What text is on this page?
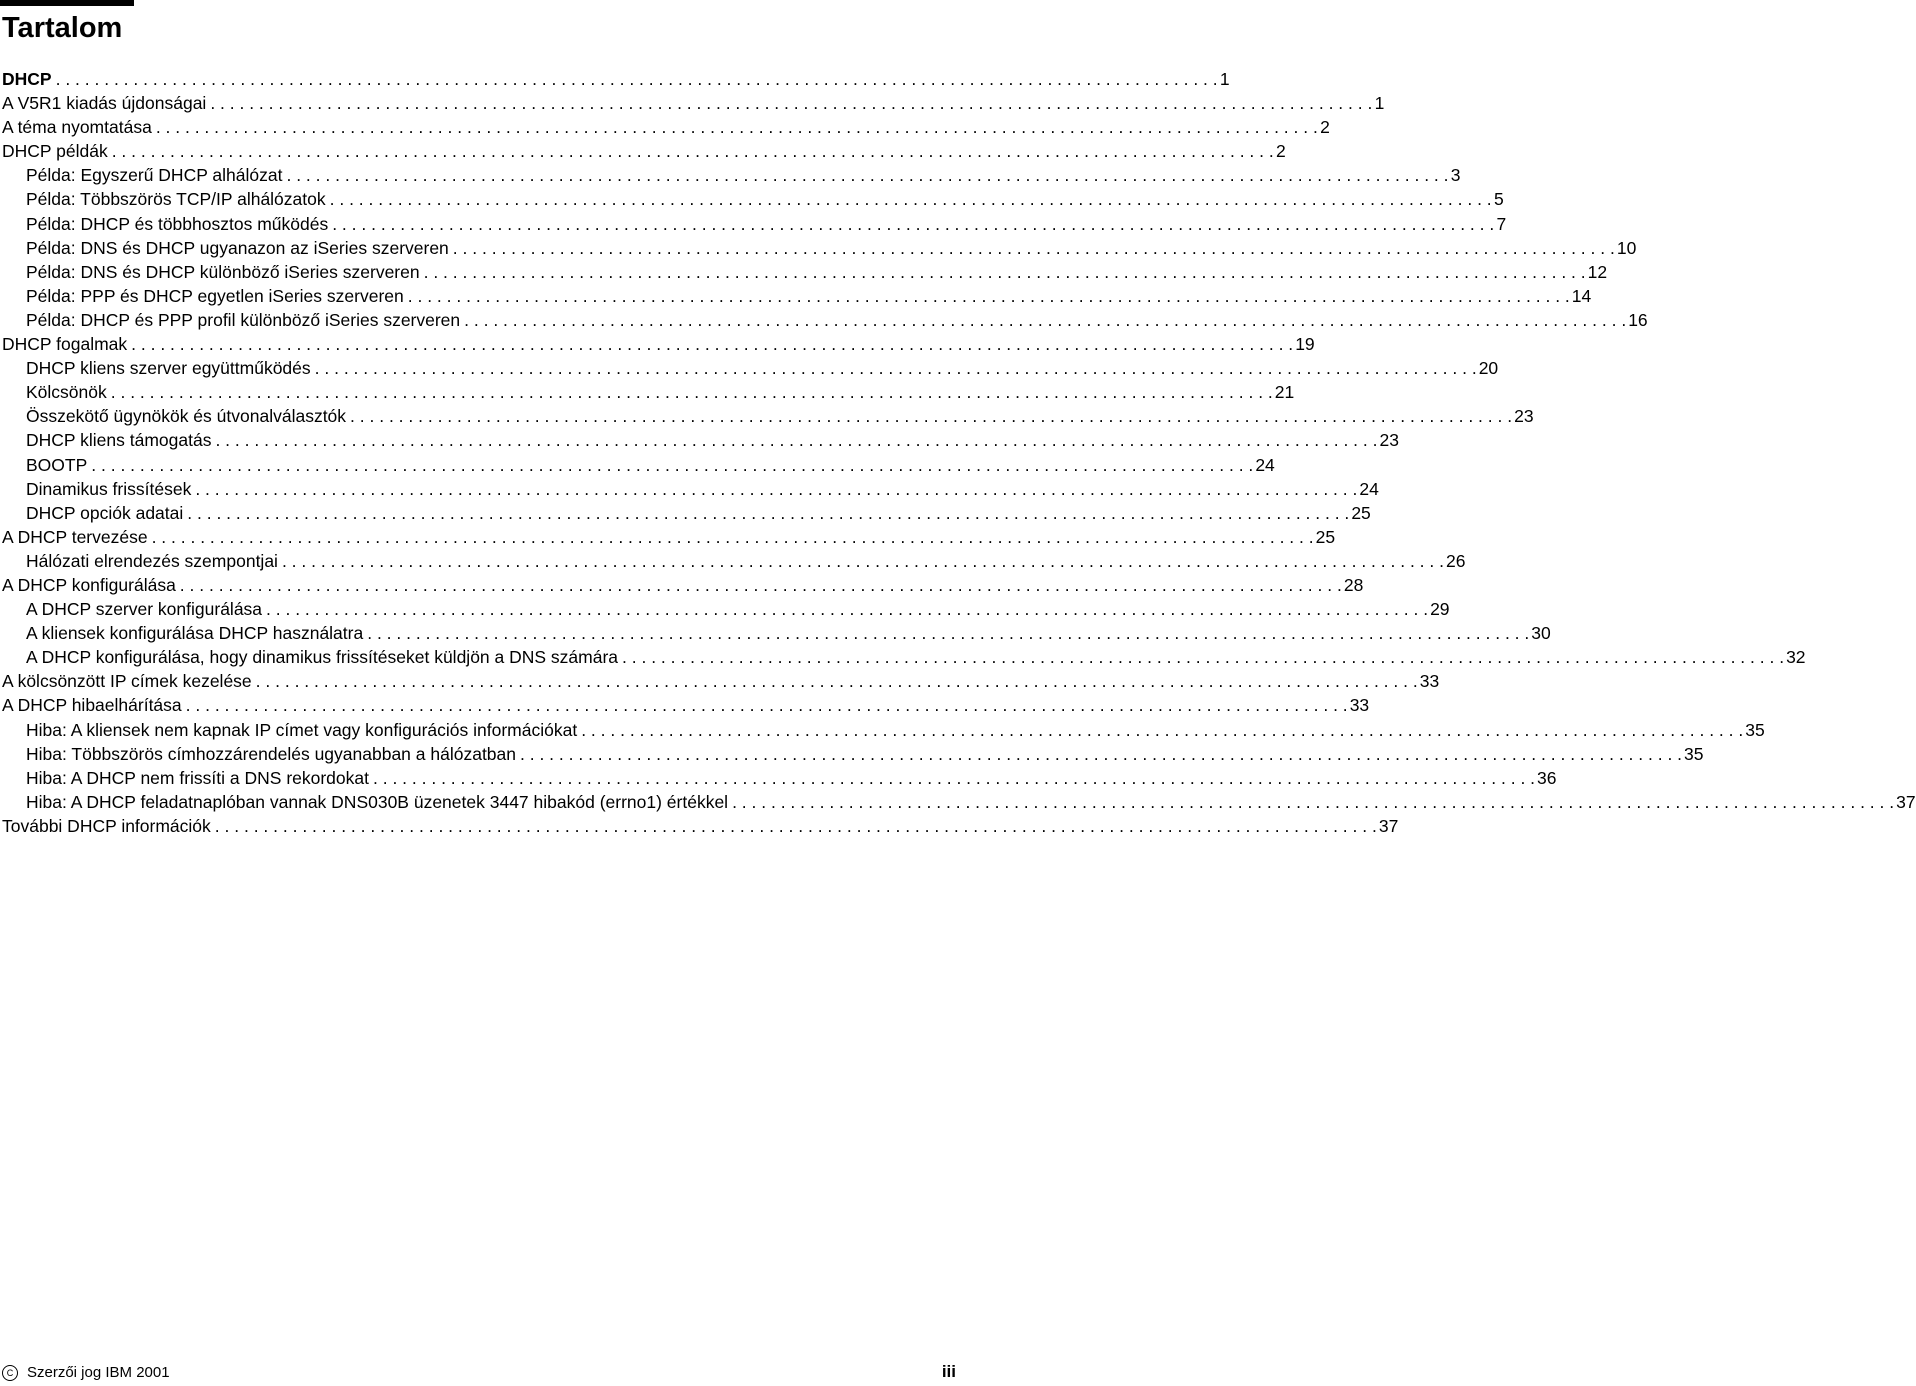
Tartalom
DHCP . . . . . . . . . . . . . . . . . . . . . . . . . . . . . . . . . . . . . . . . . . . . . . . . . . . . . . . . . . . . . . . . . . . . . . . . . . . . . . . . . . . . . . . . . . . . . . . . . . . . . . . . . . . . . . . . . . . . . . . . 1
A V5R1 kiadás újdonságai . . . . . . . . . . . . . . . . . . . . . . . . . . . . . . . . . . . . . . . . . . . . . . . . . . . . . . . . . . . . . . . . . . . . . . . . . . . . . . . . . . . . . . . . . . . . . . . . . . . . . . . . . . . . . . . . . . . . . . . . 1
A téma nyomtatása . . . . . . . . . . . . . . . . . . . . . . . . . . . . . . . . . . . . . . . . . . . . . . . . . . . . . . . . . . . . . . . . . . . . . . . . . . . . . . . . . . . . . . . . . . . . . . . . . . . . . . . . . . . . . . . . . . . . . . . . 2
DHCP példák . . . . . . . . . . . . . . . . . . . . . . . . . . . . . . . . . . . . . . . . . . . . . . . . . . . . . . . . . . . . . . . . . . . . . . . . . . . . . . . . . . . . . . . . . . . . . . . . . . . . . . . . . . . . . . . . . . . . . . . . 2
Példa: Egyszerű DHCP alhálózat . . . . . . . . . . . . . . . . . . . . . . . . . . . . . . . . . . . . . . . . . . . . . . . . . . . . . . . . . . . . . . . . . . . . . . . . . . . . . . . . . . . . . . . . . . . . . . . . . . . . . . . . . . . . . . . . . . . . . . . . 3
Példa: Többszörös TCP/IP alhálózatok . . . . . . . . . . . . . . . . . . . . . . . . . . . . . . . . . . . . . . . . . . . . . . . . . . . . . . . . . . . . . . . . . . . . . . . . . . . . . . . . . . . . . . . . . . . . . . . . . . . . . . . . . . . . . . . . . . . . . . . . 5
Példa: DHCP és többhosztos működés . . . . . . . . . . . . . . . . . . . . . . . . . . . . . . . . . . . . . . . . . . . . . . . . . . . . . . . . . . . . . . . . . . . . . . . . . . . . . . . . . . . . . . . . . . . . . . . . . . . . . . . . . . . . . . . . . . . . . . . . 7
Példa: DNS és DHCP ugyanazon az iSeries szerveren . . . . . . . . . . . . . . . . . . . . . . . . . . . . . . . . . . . . . . . . . . . . . . . . . . . . . . . . . . . . . . . . . . . . . . . . . . . . . . . . . . . . . . . . . . . . . . . . . . . . . . . . . . . . . . . . . . . . . . . . 10
Példa: DNS és DHCP különböző iSeries szerveren . . . . . . . . . . . . . . . . . . . . . . . . . . . . . . . . . . . . . . . . . . . . . . . . . . . . . . . . . . . . . . . . . . . . . . . . . . . . . . . . . . . . . . . . . . . . . . . . . . . . . . . . . . . . . . . . . . . . . . . . 12
Példa: PPP és DHCP egyetlen iSeries szerveren . . . . . . . . . . . . . . . . . . . . . . . . . . . . . . . . . . . . . . . . . . . . . . . . . . . . . . . . . . . . . . . . . . . . . . . . . . . . . . . . . . . . . . . . . . . . . . . . . . . . . . . . . . . . . . . . . . . . . . . . 14
Példa: DHCP és PPP profil különböző iSeries szerveren . . . . . . . . . . . . . . . . . . . . . . . . . . . . . . . . . . . . . . . . . . . . . . . . . . . . . . . . . . . . . . . . . . . . . . . . . . . . . . . . . . . . . . . . . . . . . . . . . . . . . . . . . . . . . . . . . . . . . . . . 16
DHCP fogalmak . . . . . . . . . . . . . . . . . . . . . . . . . . . . . . . . . . . . . . . . . . . . . . . . . . . . . . . . . . . . . . . . . . . . . . . . . . . . . . . . . . . . . . . . . . . . . . . . . . . . . . . . . . . . . . . . . . . . . . . . 19
DHCP kliens szerver együttműködés . . . . . . . . . . . . . . . . . . . . . . . . . . . . . . . . . . . . . . . . . . . . . . . . . . . . . . . . . . . . . . . . . . . . . . . . . . . . . . . . . . . . . . . . . . . . . . . . . . . . . . . . . . . . . . . . . . . . . . . . 20
Kölcsönök . . . . . . . . . . . . . . . . . . . . . . . . . . . . . . . . . . . . . . . . . . . . . . . . . . . . . . . . . . . . . . . . . . . . . . . . . . . . . . . . . . . . . . . . . . . . . . . . . . . . . . . . . . . . . . . . . . . . . . . . 21
Összekötő ügynökök és útvonalválasztók . . . . . . . . . . . . . . . . . . . . . . . . . . . . . . . . . . . . . . . . . . . . . . . . . . . . . . . . . . . . . . . . . . . . . . . . . . . . . . . . . . . . . . . . . . . . . . . . . . . . . . . . . . . . . . . . . . . . . . . . 23
DHCP kliens támogatás . . . . . . . . . . . . . . . . . . . . . . . . . . . . . . . . . . . . . . . . . . . . . . . . . . . . . . . . . . . . . . . . . . . . . . . . . . . . . . . . . . . . . . . . . . . . . . . . . . . . . . . . . . . . . . . . . . . . . . . . 23
BOOTP . . . . . . . . . . . . . . . . . . . . . . . . . . . . . . . . . . . . . . . . . . . . . . . . . . . . . . . . . . . . . . . . . . . . . . . . . . . . . . . . . . . . . . . . . . . . . . . . . . . . . . . . . . . . . . . . . . . . . . . . 24
Dinamikus frissítések . . . . . . . . . . . . . . . . . . . . . . . . . . . . . . . . . . . . . . . . . . . . . . . . . . . . . . . . . . . . . . . . . . . . . . . . . . . . . . . . . . . . . . . . . . . . . . . . . . . . . . . . . . . . . . . . . . . . . . . . 24
DHCP opciók adatai . . . . . . . . . . . . . . . . . . . . . . . . . . . . . . . . . . . . . . . . . . . . . . . . . . . . . . . . . . . . . . . . . . . . . . . . . . . . . . . . . . . . . . . . . . . . . . . . . . . . . . . . . . . . . . . . . . . . . . . . 25
A DHCP tervezése . . . . . . . . . . . . . . . . . . . . . . . . . . . . . . . . . . . . . . . . . . . . . . . . . . . . . . . . . . . . . . . . . . . . . . . . . . . . . . . . . . . . . . . . . . . . . . . . . . . . . . . . . . . . . . . . . . . . . . . . 25
Hálózati elrendezés szempontjai . . . . . . . . . . . . . . . . . . . . . . . . . . . . . . . . . . . . . . . . . . . . . . . . . . . . . . . . . . . . . . . . . . . . . . . . . . . . . . . . . . . . . . . . . . . . . . . . . . . . . . . . . . . . . . . . . . . . . . . . 26
A DHCP konfigurálása . . . . . . . . . . . . . . . . . . . . . . . . . . . . . . . . . . . . . . . . . . . . . . . . . . . . . . . . . . . . . . . . . . . . . . . . . . . . . . . . . . . . . . . . . . . . . . . . . . . . . . . . . . . . . . . . . . . . . . . . 28
A DHCP szerver konfigurálása . . . . . . . . . . . . . . . . . . . . . . . . . . . . . . . . . . . . . . . . . . . . . . . . . . . . . . . . . . . . . . . . . . . . . . . . . . . . . . . . . . . . . . . . . . . . . . . . . . . . . . . . . . . . . . . . . . . . . . . . 29
A kliensek konfigurálása DHCP használatra . . . . . . . . . . . . . . . . . . . . . . . . . . . . . . . . . . . . . . . . . . . . . . . . . . . . . . . . . . . . . . . . . . . . . . . . . . . . . . . . . . . . . . . . . . . . . . . . . . . . . . . . . . . . . . . . . . . . . . . . 30
A DHCP konfigurálása, hogy dinamikus frissítéseket küldjön a DNS számára . . . . . . . . . . . . . . . . . . . . . . . . . . . . . . . . . . . . . . . . . . . . . . . . . . . . . . . . . . . . . . . . . . . . . . . . . . . . . . . . . . . . . . . . . . . . . . . . . . . . . . . . . . . . . . . . . . . . . . . . 32
A kölcsönzött IP címek kezelése . . . . . . . . . . . . . . . . . . . . . . . . . . . . . . . . . . . . . . . . . . . . . . . . . . . . . . . . . . . . . . . . . . . . . . . . . . . . . . . . . . . . . . . . . . . . . . . . . . . . . . . . . . . . . . . . . . . . . . . . 33
A DHCP hibaelhárítása . . . . . . . . . . . . . . . . . . . . . . . . . . . . . . . . . . . . . . . . . . . . . . . . . . . . . . . . . . . . . . . . . . . . . . . . . . . . . . . . . . . . . . . . . . . . . . . . . . . . . . . . . . . . . . . . . . . . . . . . 33
Hiba: A kliensek nem kapnak IP címet vagy konfigurációs információkat . . . . . . . . . . . . . . . . . . . . . . . . . . . . . . . . . . . . . . . . . . . . . . . . . . . . . . . . . . . . . . . . . . . . . . . . . . . . . . . . . . . . . . . . . . . . . . . . . . . . . . . . . . . . . . . . . . . . . . . . 35
Hiba: Többszörös címhozzárendelés ugyanabban a hálózatban . . . . . . . . . . . . . . . . . . . . . . . . . . . . . . . . . . . . . . . . . . . . . . . . . . . . . . . . . . . . . . . . . . . . . . . . . . . . . . . . . . . . . . . . . . . . . . . . . . . . . . . . . . . . . . . . . . . . . . . . 35
Hiba: A DHCP nem frissíti a DNS rekordokat . . . . . . . . . . . . . . . . . . . . . . . . . . . . . . . . . . . . . . . . . . . . . . . . . . . . . . . . . . . . . . . . . . . . . . . . . . . . . . . . . . . . . . . . . . . . . . . . . . . . . . . . . . . . . . . . . . . . . . . . 36
Hiba: A DHCP feladatnaplóban vannak DNS030B üzenetek 3447 hibakód (errno1) értékkel . . . . . . . . . . . . . . . . . . . . . . . . . . . . . . . . . . . . . . . . . . . . . . . . . . . . . . . . . . . . . . . . . . . . . . . . . . . . . . . . . . . . . . . . . . . . . . . . . . . . . . . . . . . . . . . . . . . . . . . . 37
További DHCP információk . . . . . . . . . . . . . . . . . . . . . . . . . . . . . . . . . . . . . . . . . . . . . . . . . . . . . . . . . . . . . . . . . . . . . . . . . . . . . . . . . . . . . . . . . . . . . . . . . . . . . . . . . . . . . . . . . . . . . . . . 37
C Szerzői jog IBM 2001	iii
